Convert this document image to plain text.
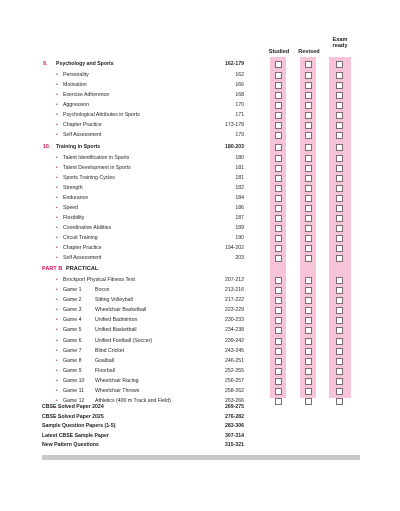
Studied	Revised
Exam ready
9. Psychology and Sports	162-179
• Personality	162
• Motivation	166
• Exercise Adherence	168
• Aggression	170
• Psychological Attributes in Sports	171
• Chapter Practice	173-178
• Self Assessment	179
10. Training in Sports	180-203
• Talent Identification in Sports	180
• Talent Development in Sports	181
• Sports Training Cycles	181
• Strength	182
• Endurance	184
• Speed	186
• Flexibility	187
• Coordinative Abilities	189
• Circuit Training	190
• Chapter Practice	194-202
• Self Assessment	203
PART B PRACTICAL
• Brockport Physical Fitness Test	207-212
• Game 1	Bocce	213-216
• Game 2	Sitting Volleyball	217-222
• Game 3	Wheelchair Basketball	223-229
• Game 4	Unified Badminton	230-233
• Game 5	Unified Basketball	234-238
• Game 6	Unified Football (Soccer)	239-242
• Game 7	Blind Cricket	243-245
• Game 8	Goalball	246-251
• Game 9	Floorball	252-255
• Game 10 Wheelchair Racing	256-257
• Game 11 Wheelchair Throws	258-262
• Game 12 Athletics (400 m Track and Field)	263-266
CBSE Solved Paper 2024	269-275
CBSE Solved Paper 2025	276-282
Sample Question Papers (1-5)	283-306
Latest CBSE Sample Paper	307-314
New Pattern Questions	315-321
